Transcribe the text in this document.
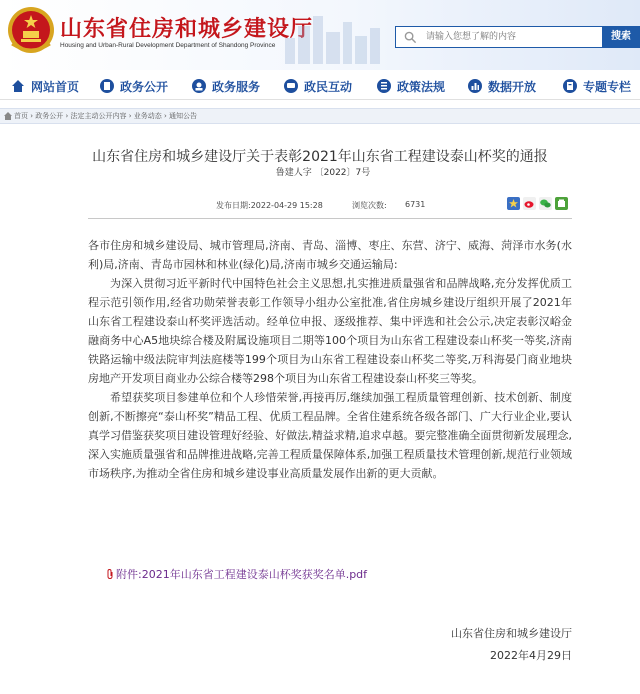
山东省住房和城乡建设厅
Housing and Urban-Rural Development Department of Shandong Province
请输入您想了解的内容
搜索
网站首页	政务公开	政务服务	政民互动	政策法规	数据开放	专题专栏
首页 › 政务公开 › 法定主动公开内容 › 业务动态 › 通知公告
山东省住房和城乡建设厅关于表彰2021年山东省工程建设泰山杯奖的通报
鲁建人字 〔2022〕7号
发布日期:2022-04-29 15:28	浏览次数: 6731

各市住房和城乡建设局、城市管理局,济南、青岛、淄博、枣庄、东营、济宁、威海、菏泽市水务(水利)局,济南、青岛市园林和林业(绿化)局,济南市城乡交通运输局:

为深入贯彻习近平新时代中国特色社会主义思想,扎实推进质量强省和品牌战略,充分发挥优质工程示范引领作用,经省功勋荣誉表彰工作领导小组办公室批准,省住房城乡建设厅组织开展了2021年山东省工程建设泰山杯奖评选活动。经单位申报、逐级推荐、集中评选和社会公示,决定表彰汉峪金融商务中心A5地块综合楼及附属设施项目二期等100个项目为山东省工程建设泰山杯奖一等奖,济南铁路运输中级法院审判法庭楼等199个项目为山东省工程建设泰山杯奖二等奖,万科海晏门商业地块房地产开发项目商业办公综合楼等298个项目为山东省工程建设泰山杯奖三等奖。

希望获奖项目参建单位和个人珍惜荣誉,再接再厉,继续加强工程质量管理创新、技术创新、制度创新,不断擦亮“泰山杯奖”精品工程、优质工程品牌。全省住建系统各级各部门、广大行业企业,要认真学习借鉴获奖项目建设管理好经验、好做法,精益求精,追求卓越。要完整准确全面贯彻新发展理念,深入实施质量强省和品牌推进战略,完善工程质量保障体系,加强工程质量技术管理创新,规范行业领域市场秩序,为推动全省住房和城乡建设事业高质量发展作出新的更大贡献。

附件:2021年山东省工程建设泰山杯奖获奖名单.pdf
山东省住房和城乡建设厅
2022年4月29日
